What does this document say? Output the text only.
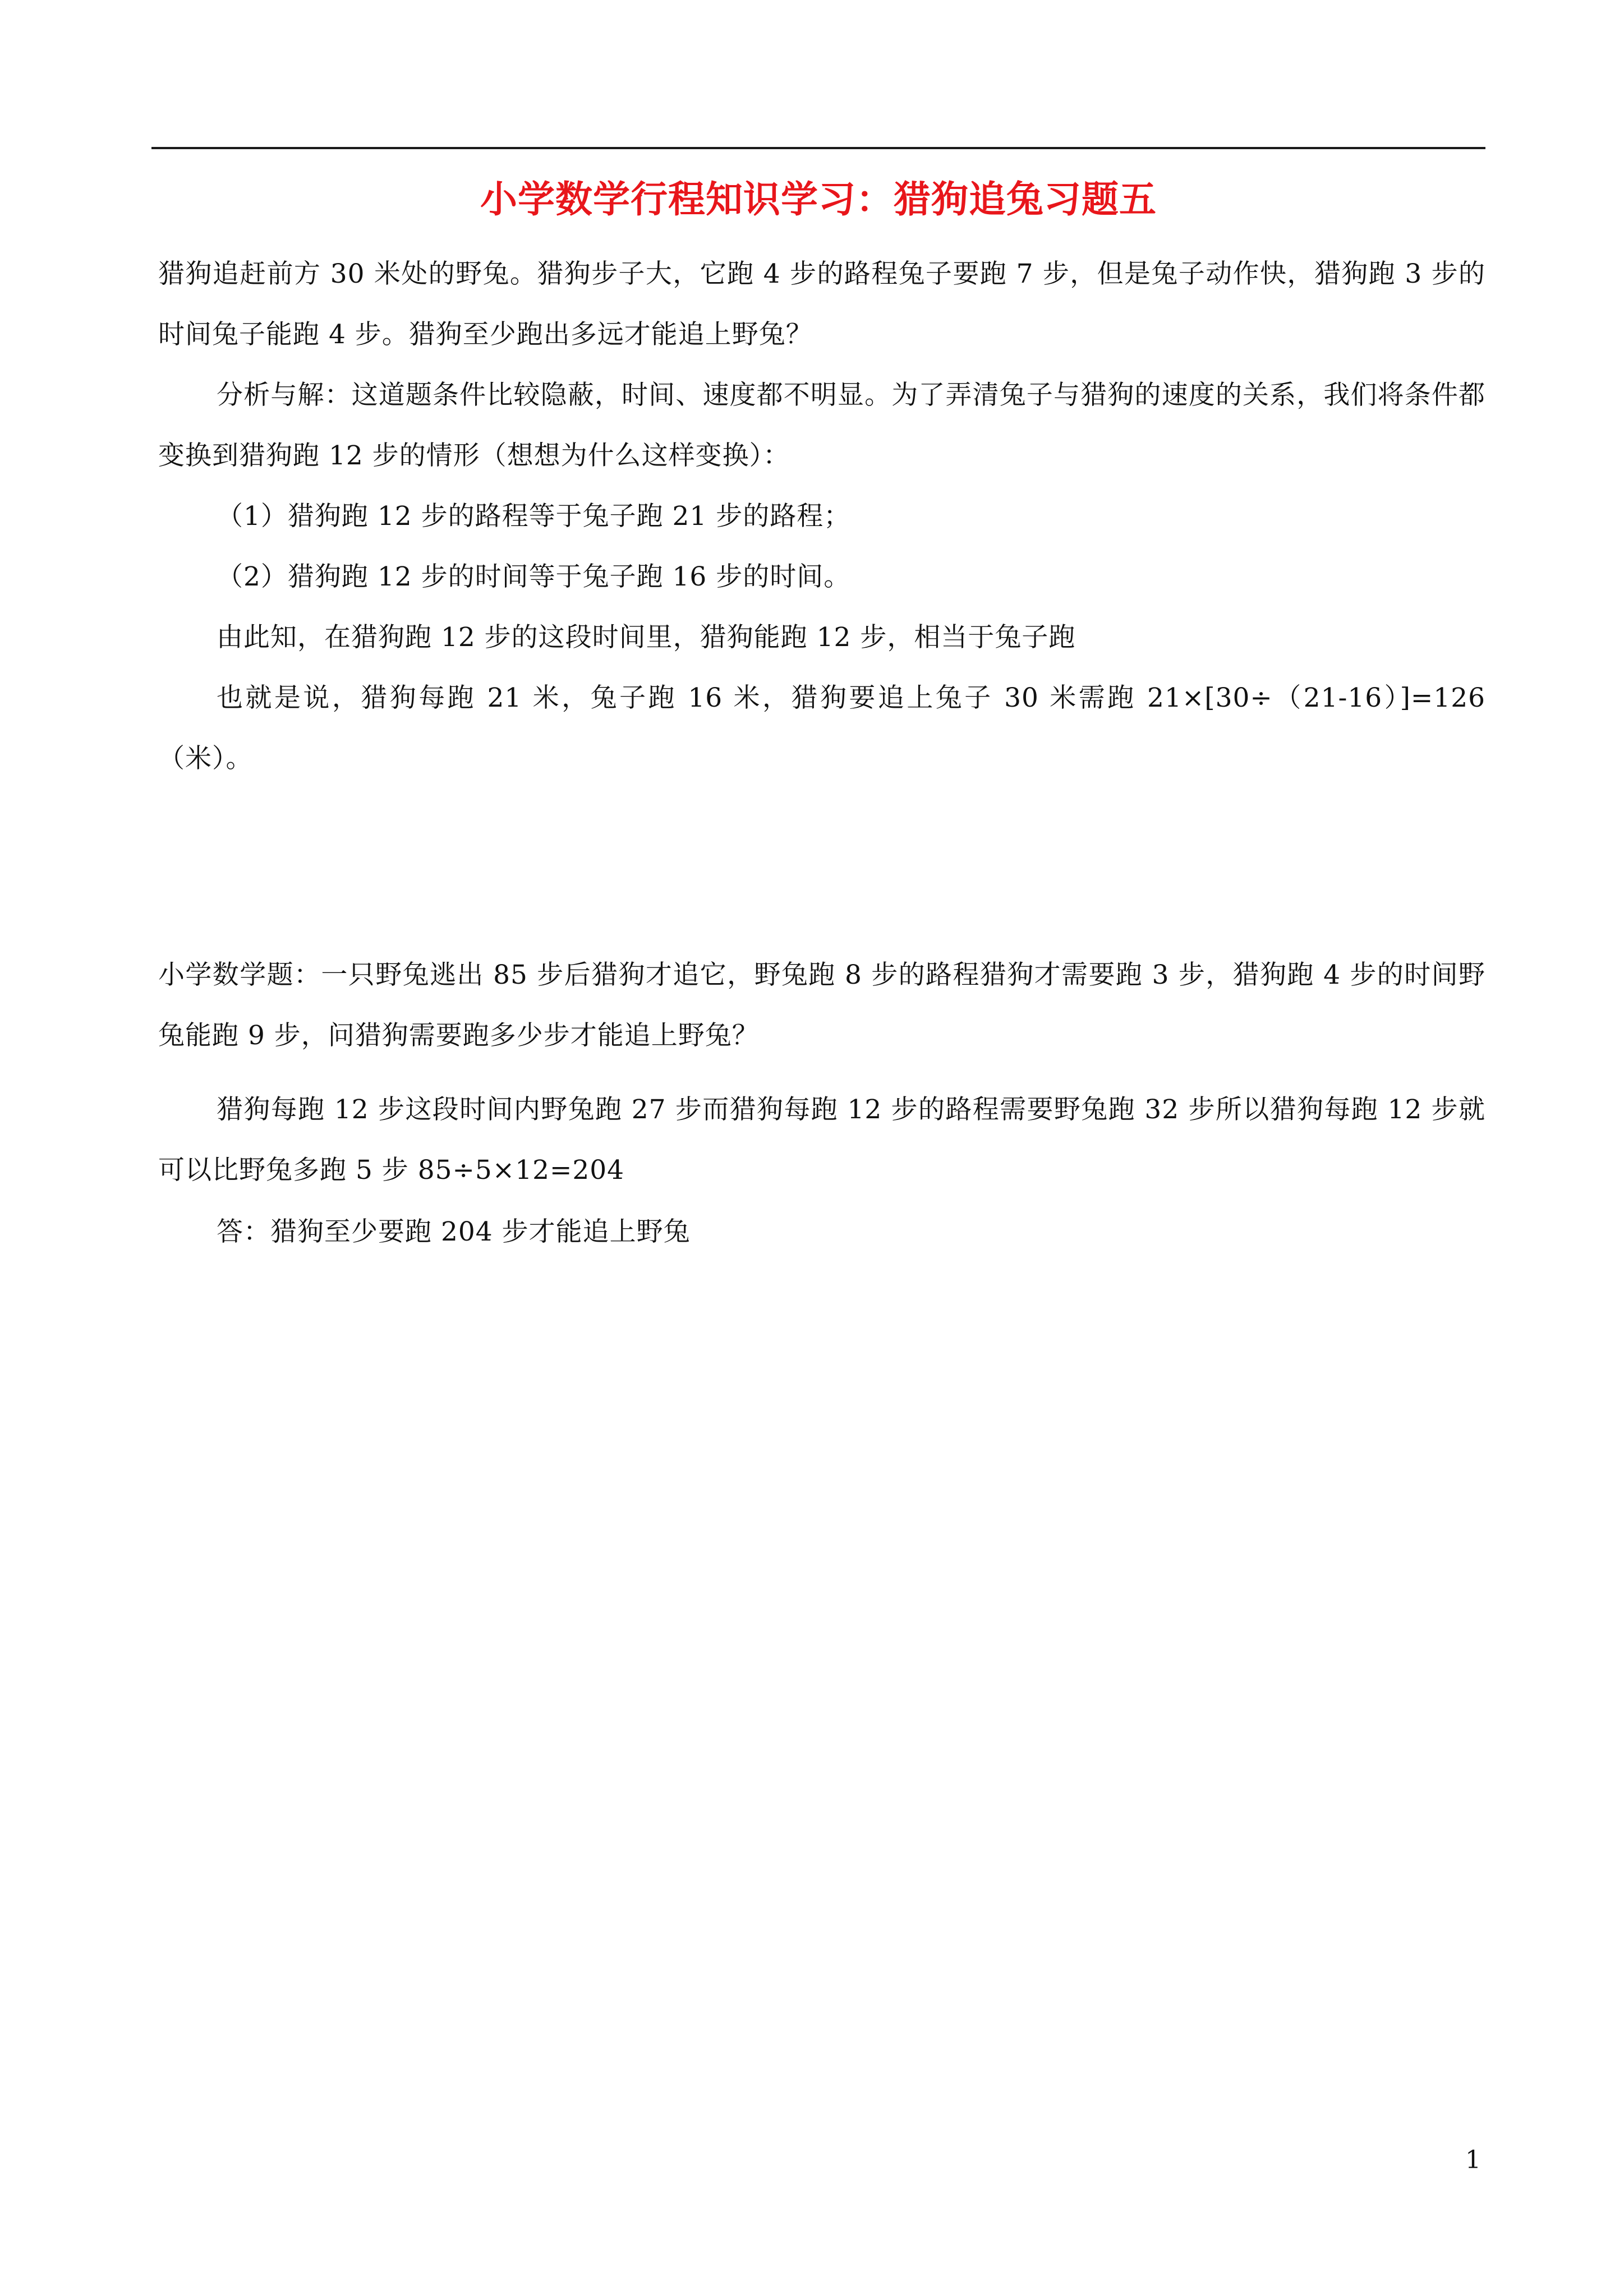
小学数学行程知识学习：猎狗追兔习题五

猎狗追赶前方 30 米处的野兔。猎狗步子大，它跑 4 步的路程兔子要跑 7 步，但是兔子动作快，猎狗跑 3 步的时间兔子能跑 4 步。猎狗至少跑出多远才能追上野兔？

分析与解：这道题条件比较隐蔽，时间、速度都不明显。为了弄清兔子与猎狗的速度的关系，我们将条件都变换到猎狗跑 12 步的情形（想想为什么这样变换）：

（1）猎狗跑 12 步的路程等于兔子跑 21 步的路程；

（2）猎狗跑 12 步的时间等于兔子跑 16 步的时间。

由此知，在猎狗跑 12 步的这段时间里，猎狗能跑 12 步，相当于兔子跑

也就是说，猎狗每跑 21 米，兔子跑 16 米，猎狗要追上兔子 30 米需跑 21×[30÷（21-16）]=126（米）。

小学数学题：一只野兔逃出 85 步后猎狗才追它，野兔跑 8 步的路程猎狗才需要跑 3 步，猎狗跑 4 步的时间野兔能跑 9 步，问猎狗需要跑多少步才能追上野兔？

猎狗每跑 12 步这段时间内野兔跑 27 步而猎狗每跑 12 步的路程需要野兔跑 32 步所以猎狗每跑 12 步就可以比野兔多跑 5 步 85÷5×12=204

答：猎狗至少要跑 204 步才能追上野兔

1
